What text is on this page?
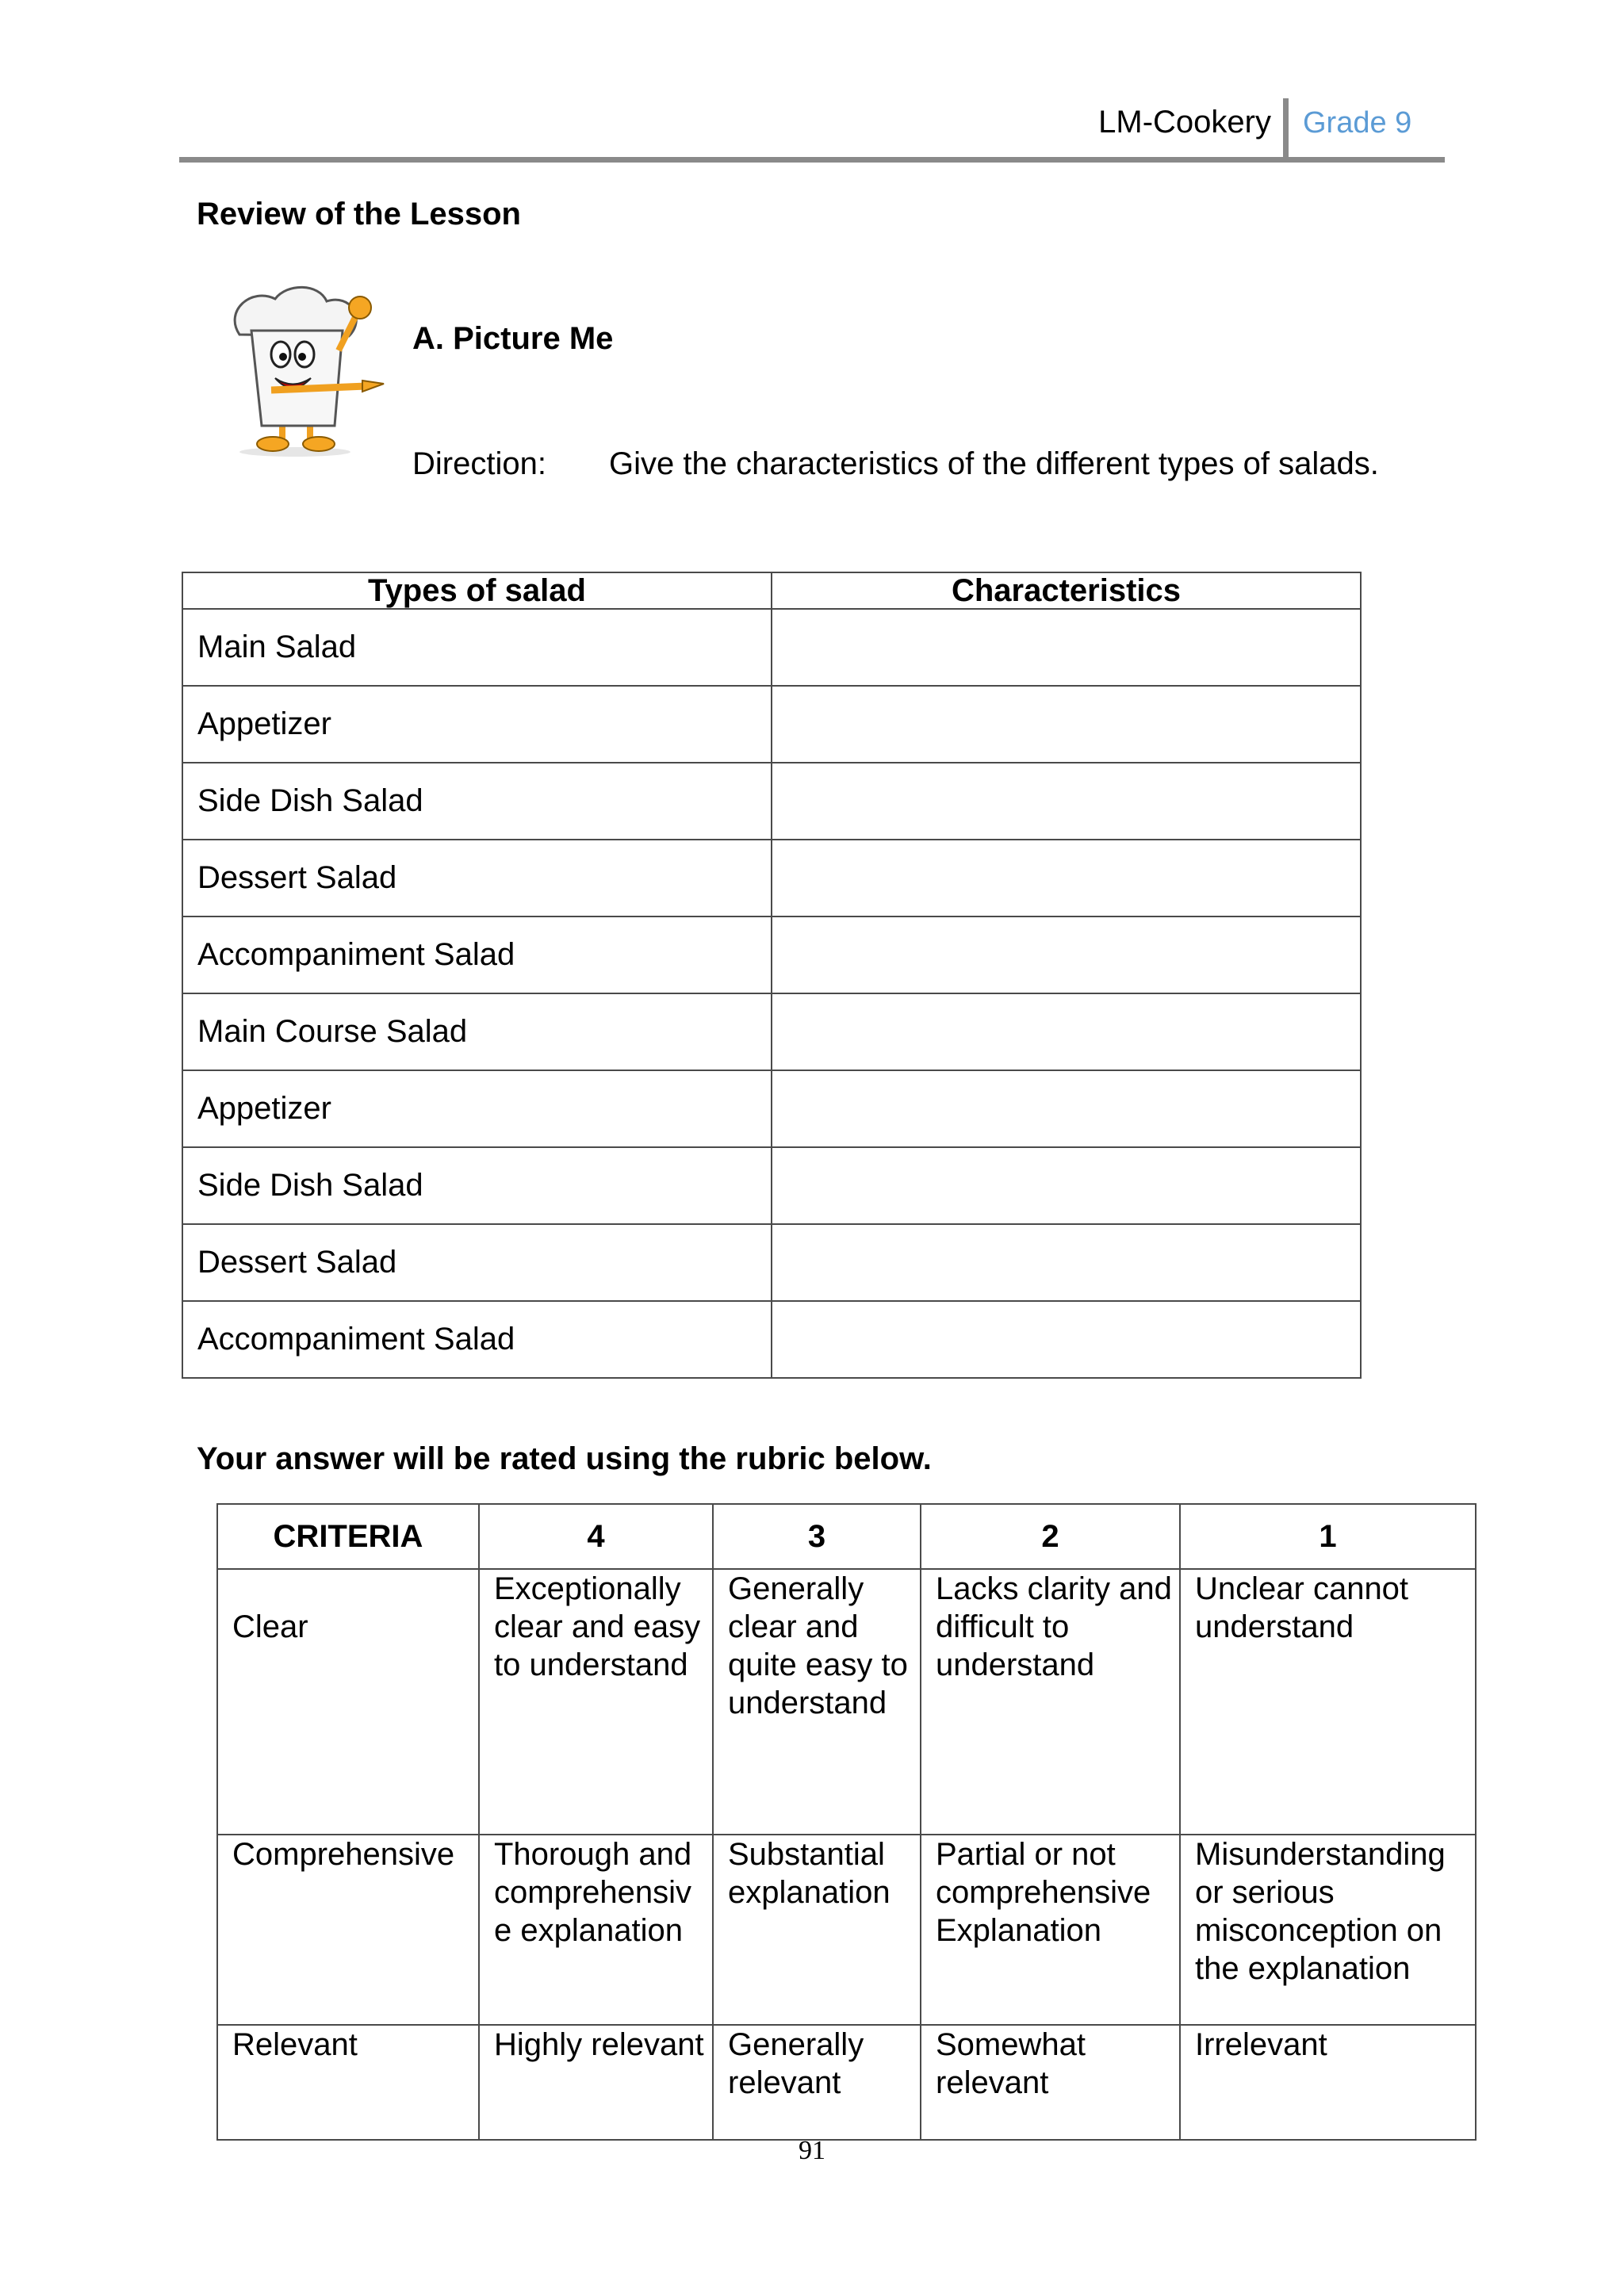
LM-Cookery Grade 9
Review of the Lesson
A. Picture Me
Direction: Give the characteristics of the different types of salads.
Types of salad	Characteristics
Main Salad	
Appetizer	
Side Dish Salad	
Dessert Salad	
Accompaniment Salad	
Main Course Salad	
Appetizer	
Side Dish Salad	
Dessert Salad	
Accompaniment Salad	
Your answer will be rated using the rubric below.
CRITERIA	4	3	2	1
Clear	Exceptionally clear and easy to understand	Generally clear and quite easy to understand	Lacks clarity and difficult to understand	Unclear cannot understand
Comprehensive	Thorough and comprehensive explanation	Substantial explanation	Partial or not comprehensive Explanation	Misunderstanding or serious misconception on the explanation
Relevant	Highly relevant	Generally relevant	Somewhat relevant	Irrelevant
91
